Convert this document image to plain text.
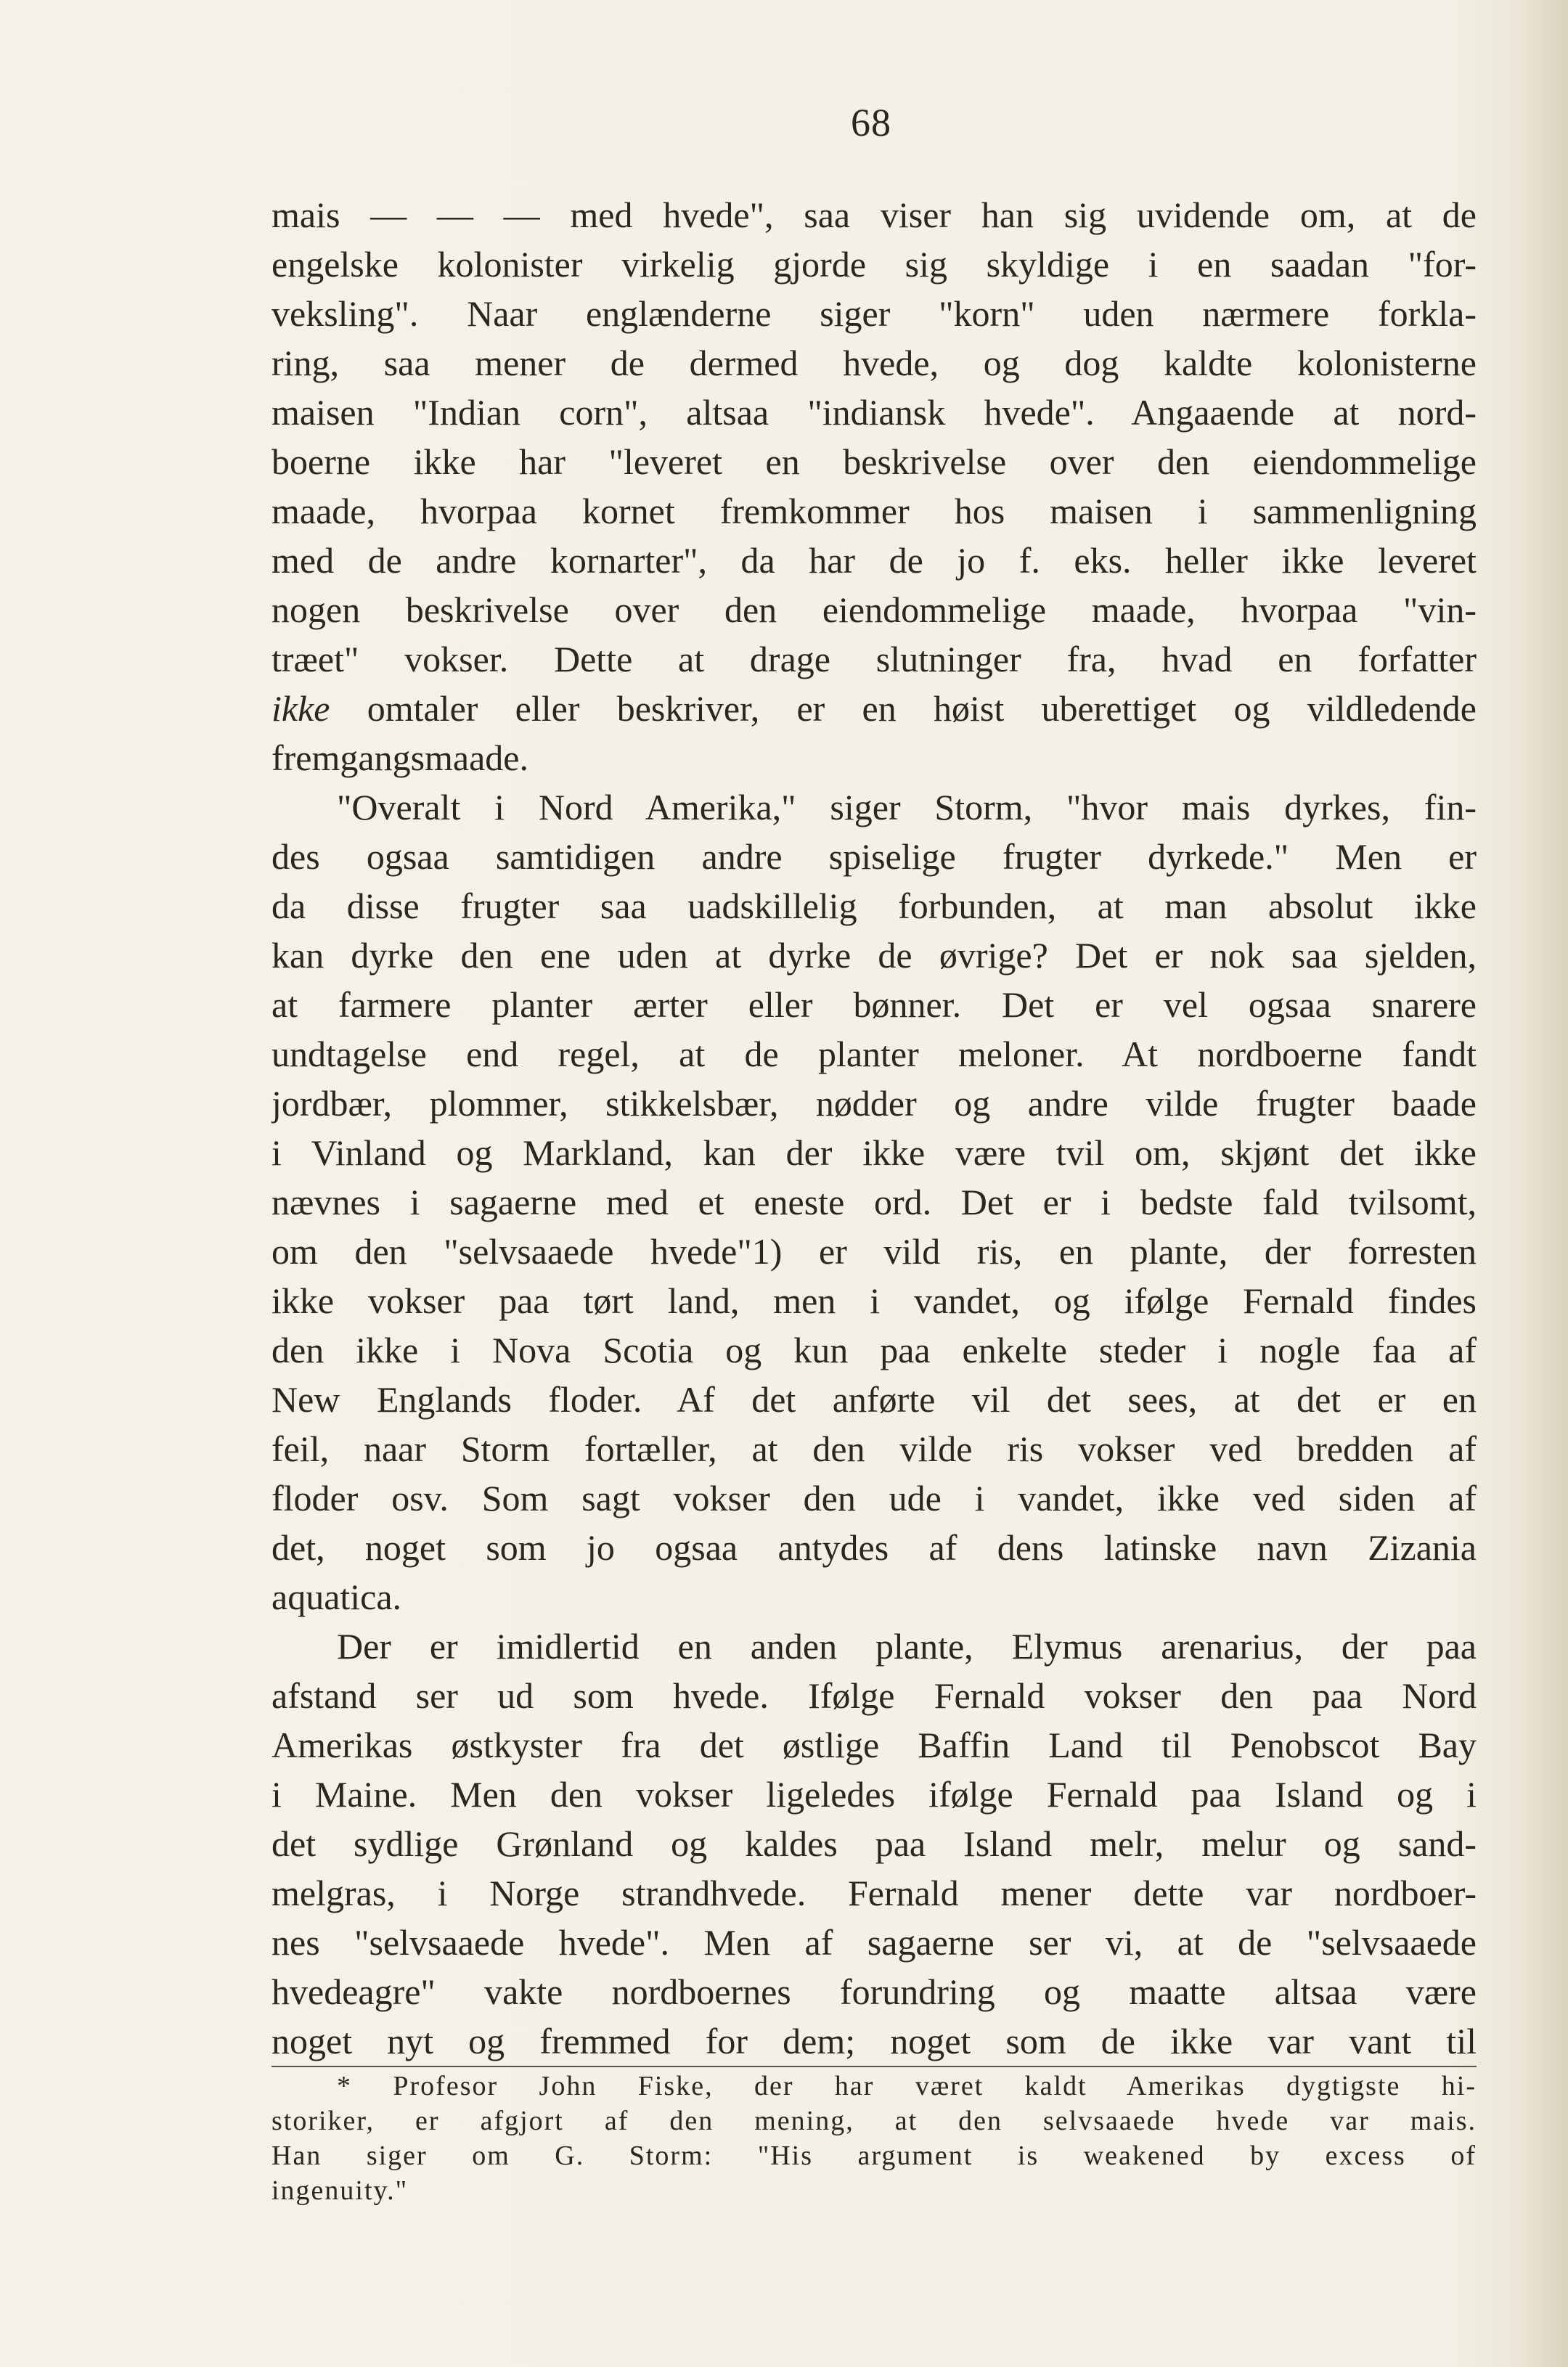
68
mais — — — med hvede", saa viser han sig uvidende om, at de
engelske kolonister virkelig gjorde sig skyldige i en saadan "for-
veksling". Naar englænderne siger "korn" uden nærmere forkla-
ring, saa mener de dermed hvede, og dog kaldte kolonisterne
maisen "Indian corn", altsaa "indiansk hvede". Angaaende at nord-
boerne ikke har "leveret en beskrivelse over den eiendommelige
maade, hvorpaa kornet fremkommer hos maisen i sammenligning
med de andre kornarter", da har de jo f. eks. heller ikke leveret
nogen beskrivelse over den eiendommelige maade, hvorpaa "vin-
træet" vokser. Dette at drage slutninger fra, hvad en forfatter
ikke omtaler eller beskriver, er en høist uberettiget og vildledende
fremgangsmaade.
"Overalt i Nord Amerika," siger Storm, "hvor mais dyrkes, fin-
des ogsaa samtidigen andre spiselige frugter dyrkede." Men er
da disse frugter saa uadskillelig forbunden, at man absolut ikke
kan dyrke den ene uden at dyrke de øvrige? Det er nok saa sjelden,
at farmere planter ærter eller bønner. Det er vel ogsaa snarere
undtagelse end regel, at de planter meloner. At nordboerne fandt
jordbær, plommer, stikkelsbær, nødder og andre vilde frugter baade
i Vinland og Markland, kan der ikke være tvil om, skjønt det ikke
nævnes i sagaerne med et eneste ord. Det er i bedste fald tvilsomt,
om den "selvsaaede hvede"1) er vild ris, en plante, der forresten
ikke vokser paa tørt land, men i vandet, og ifølge Fernald findes
den ikke i Nova Scotia og kun paa enkelte steder i nogle faa af
New Englands floder. Af det anførte vil det sees, at det er en
feil, naar Storm fortæller, at den vilde ris vokser ved bredden af
floder osv. Som sagt vokser den ude i vandet, ikke ved siden af
det, noget som jo ogsaa antydes af dens latinske navn Zizania
aquatica.
Der er imidlertid en anden plante, Elymus arenarius, der paa
afstand ser ud som hvede. Ifølge Fernald vokser den paa Nord
Amerikas østkyster fra det østlige Baffin Land til Penobscot Bay
i Maine. Men den vokser ligeledes ifølge Fernald paa Island og i
det sydlige Grønland og kaldes paa Island melr, melur og sand-
melgras, i Norge strandhvede. Fernald mener dette var nordboer-
nes "selvsaaede hvede". Men af sagaerne ser vi, at de "selvsaaede
hvedeagre" vakte nordboernes forundring og maatte altsaa være
noget nyt og fremmed for dem; noget som de ikke var vant til
* Profesor John Fiske, der har været kaldt Amerikas dygtigste hi-
storiker, er afgjort af den mening, at den selvsaaede hvede var mais.
Han siger om G. Storm: "His argument is weakened by excess of
ingenuity."
